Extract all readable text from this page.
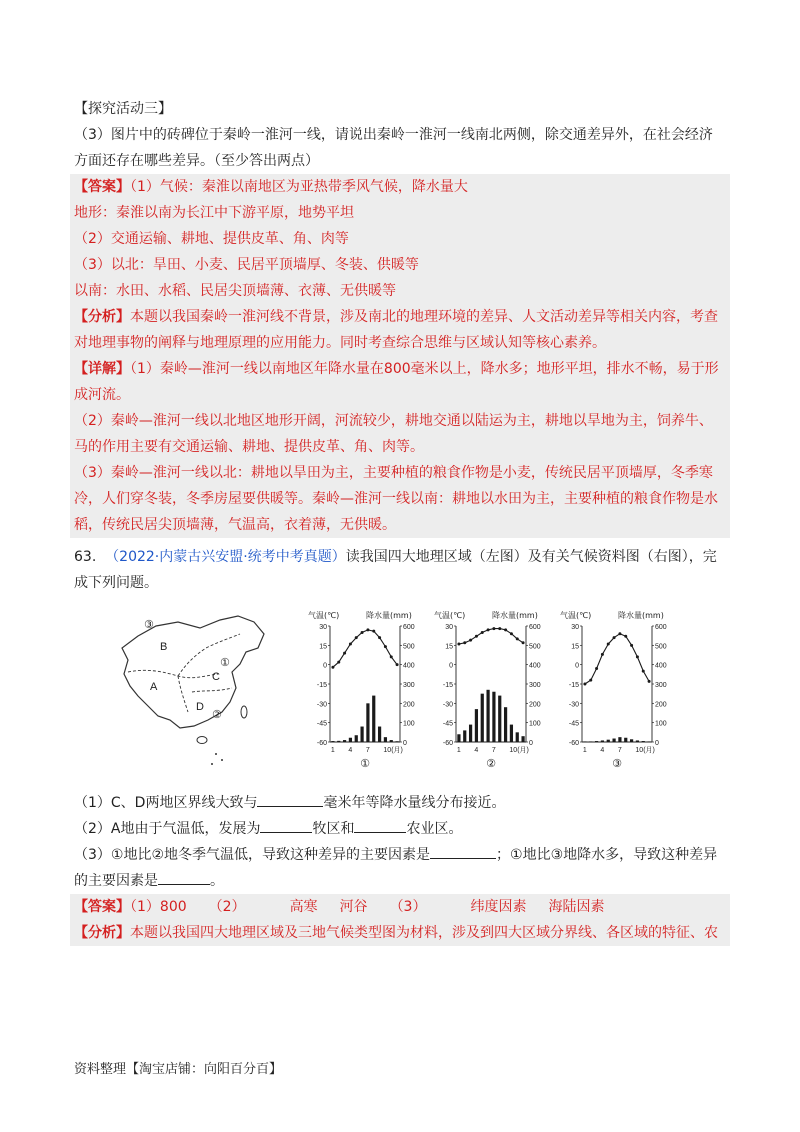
【探究活动三】

（3）图片中的砖碑位于秦岭一淮河一线，请说出秦岭一淮河一线南北两侧，除交通差异外，在社会经济

方面还存在哪些差异。（至少答出两点）

【答案】（1）气候：秦淮以南地区为亚热带季风气候，降水量大

地形：秦淮以南为长江中下游平原，地势平坦

（2）交通运输、耕地、提供皮革、角、肉等

（3）以北：旱田、小麦、民居平顶墙厚、冬装、供暖等

以南：水田、水稻、民居尖顶墙薄、衣薄、无供暖等

【分析】本题以我国秦岭一淮河线不背景，涉及南北的地理环境的差异、人文活动差异等相关内容，考查

对地理事物的阐释与地理原理的应用能力。同时考查综合思维与区域认知等核心素养。

【详解】（1）秦岭—淮河一线以南地区年降水量在800毫米以上，降水多；地形平坦，排水不畅，易于形

成河流。

（2）秦岭—淮河一线以北地区地形开阔，河流较少，耕地交通以陆运为主，耕地以旱地为主，饲养牛、

马的作用主要有交通运输、耕地、提供皮革、角、肉等。

（3）秦岭—淮河一线以北：耕地以旱田为主，主要种植的粮食作物是小麦，传统民居平顶墙厚，冬季寒

冷，人们穿冬装，冬季房屋要供暖等。秦岭—淮河一线以南：耕地以水田为主，主要种植的粮食作物是水

稻，传统民居尖顶墙薄，气温高，衣着薄，无供暖。

63. （2022·内蒙古兴安盟·统考中考真题）读我国四大地理区域（左图）及有关气候资料图（右图），完

成下列问题。

B
A
C
D
③
①
②
气温(℃)	降水量(mm)
30
15
0
-15
-30
-45
-60
600
500
400
300
200
100
0
1 4 7 10(月)
①
气温(℃)	降水量(mm)
30
15
0
-15
-30
-45
-60
600
500
400
300
200
100
0
1 4 7 10(月)
②
气温(℃)	降水量(mm)
30
15
0
-15
-30
-45
-60
600
500
400
300
200
100
0
1 4 7 10(月)
③

（1）C、D两地区界线大致与	毫米年等降水量线分布接近。

（2）A地由于气温低，发展为	牧区和	农业区。

（3）①地比②地冬季气温低，导致这种差异的主要因素是	；①地比③地降水多，导致这种差异

的主要因素是	。

【答案】（1）800 （2）	高寒 河谷 （3）	纬度因素 海陆因素

【分析】本题以我国四大地理区域及三地气候类型图为材料，涉及到四大区域分界线、各区域的特征、农

资料整理【淘宝店铺：向阳百分百】
